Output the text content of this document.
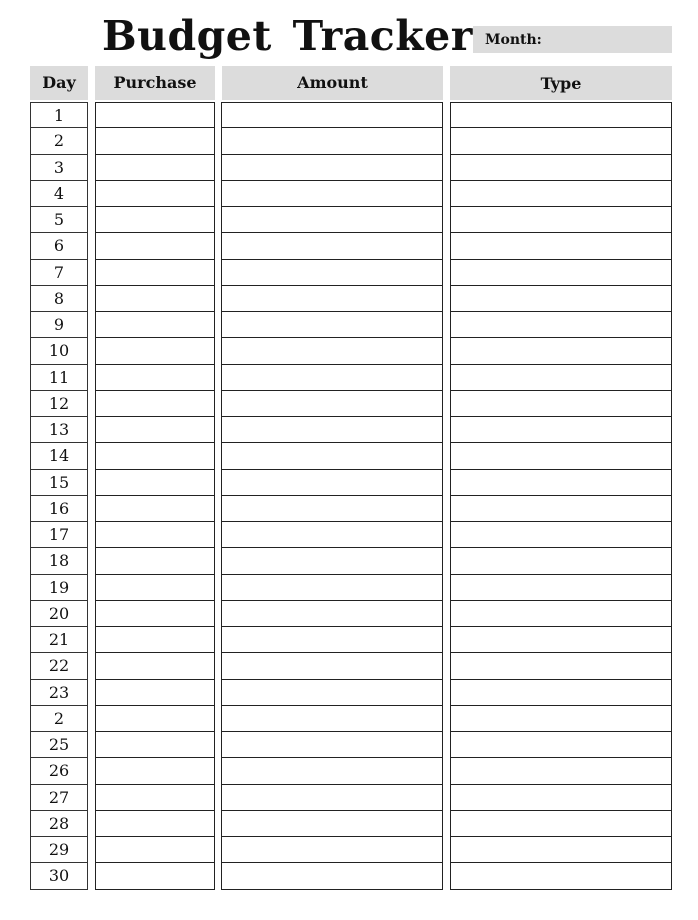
Budget Tracker Month:
Day	Purchase	Amount	Type
1
2
3
4
5
6
7
8
9
10
11
12
13
14
15
16
17
18
19
20
21
22
23
2
25
26
27
28
29
30
